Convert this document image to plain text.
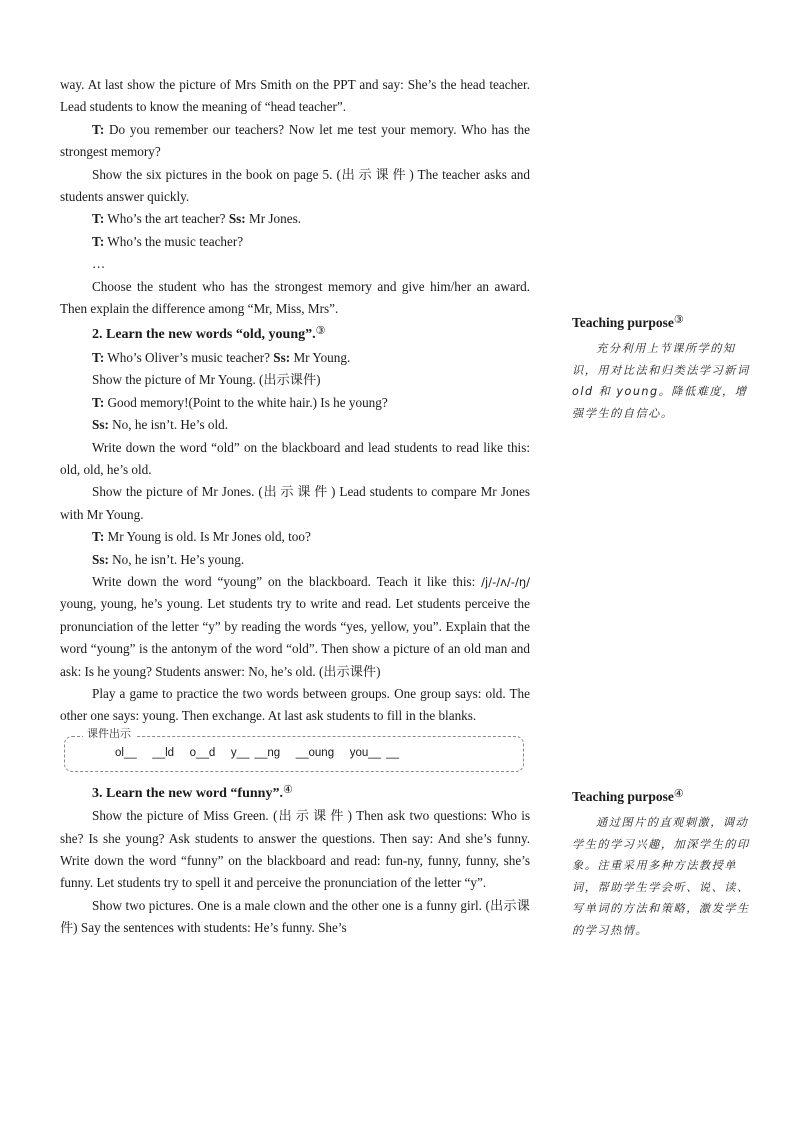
way. At last show the picture of Mrs Smith on the PPT and say: She’s the head teacher. Lead students to know the meaning of “head teacher”.

T: Do you remember our teachers? Now let me test your memory. Who has the strongest memory?

Show the six pictures in the book on page 5. (出示课件) The teacher asks and students answer quickly.

T: Who’s the art teacher? Ss: Mr Jones.

T: Who’s the music teacher?

…

Choose the student who has the strongest memory and give him/her an award. Then explain the difference among “Mr, Miss, Mrs”.

2. Learn the new words “old, young”.③

T: Who’s Oliver’s music teacher? Ss: Mr Young.

Show the picture of Mr Young. (出示课件)

T: Good memory!(Point to the white hair.) Is he young?

Ss: No, he isn’t. He’s old.

Write down the word “old” on the blackboard and lead students to read like this: old, old, he’s old.

Show the picture of Mr Jones. (出示课件) Lead students to compare Mr Jones with Mr Young.

T: Mr Young is old. Is Mr Jones old, too?

Ss: No, he isn’t. He’s young.

Write down the word “young” on the blackboard. Teach it like this: /j/-/ʌ/-/ŋ/ young, young, he’s young. Let students try to write and read. Let students perceive the pronunciation of the letter “y” by reading the words “yes, yellow, you”. Explain that the word “young” is the antonym of the word “old”. Then show a picture of an old man and ask: Is he young? Students answer: No, he’s old. (出示课件)

Play a game to practice the two words between groups. One group says: old. The other one says: young. Then exchange. At last ask students to fill in the blanks.

课件出示
ol__   __ld   o__d   y__ __ng   __oung   you__ __

3. Learn the new word “funny”.④

Show the picture of Miss Green. (出示课件) Then ask two questions: Who is she? Is she young? Ask students to answer the questions. Then say: And she’s funny. Write down the word “funny” on the blackboard and read: fun-ny, funny, funny, she’s funny. Let students try to spell it and perceive the pronunciation of the letter “y”.

Show two pictures. One is a male clown and the other one is a funny girl. (出示课件) Say the sentences with students: He’s funny. She’s

Teaching purpose③

充分利用上节课所学的知识，用对比法和归类法学习新词 old 和 young。降低难度，增强学生的自信心。

Teaching purpose④

通过图片的直观刺激，调动学生的学习兴趣，加深学生的印象。注重采用多种方法教授单词，帮助学生学会听、说、读、写单词的方法和策略，激发学生的学习热情。
